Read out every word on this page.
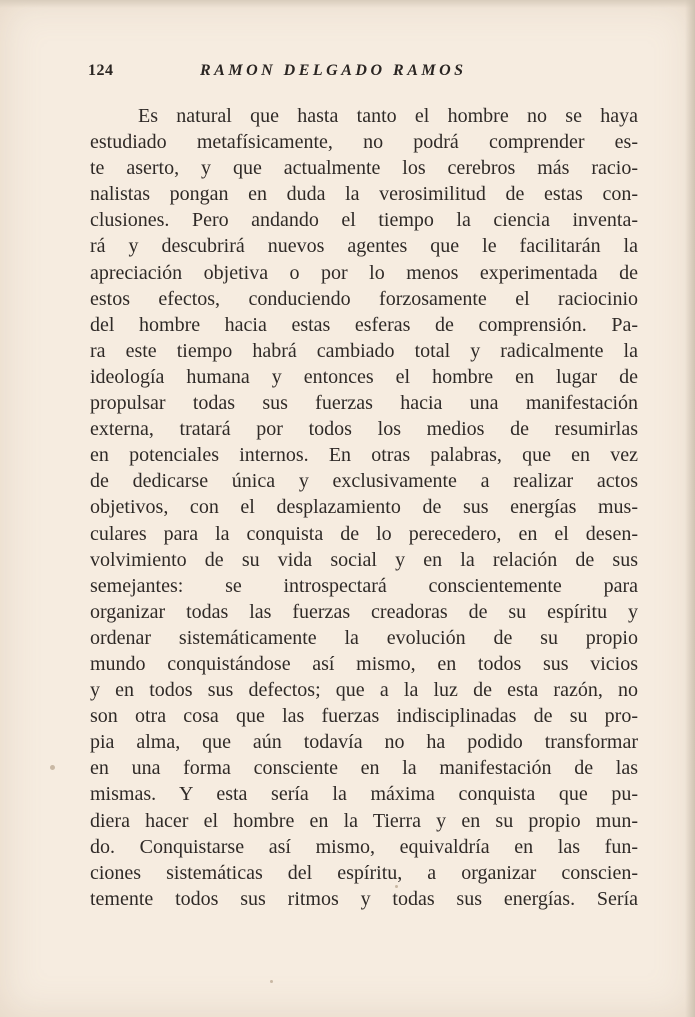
124	RAMON DELGADO RAMOS
Es natural que hasta tanto el hombre no se haya
estudiado metafísicamente, no podrá comprender es-
te aserto, y que actualmente los cerebros más racio-
nalistas pongan en duda la verosimilitud de estas con-
clusiones. Pero andando el tiempo la ciencia inventa-
rá y descubrirá nuevos agentes que le facilitarán la
apreciación objetiva o por lo menos experimentada de
estos efectos, conduciendo forzosamente el raciocinio
del hombre hacia estas esferas de comprensión. Pa-
ra este tiempo habrá cambiado total y radicalmente la
ideología humana y entonces el hombre en lugar de
propulsar todas sus fuerzas hacia una manifestación
externa, tratará por todos los medios de resumirlas
en potenciales internos. En otras palabras, que en vez
de dedicarse única y exclusivamente a realizar actos
objetivos, con el desplazamiento de sus energías mus-
culares para la conquista de lo perecedero, en el desen-
volvimiento de su vida social y en la relación de sus
semejantes: se introspectará conscientemente para
organizar todas las fuerzas creadoras de su espíritu y
ordenar sistemáticamente la evolución de su propio
mundo conquistándose así mismo, en todos sus vicios
y en todos sus defectos; que a la luz de esta razón, no
son otra cosa que las fuerzas indisciplinadas de su pro-
pia alma, que aún todavía no ha podido transformar
en una forma consciente en la manifestación de las
mismas. Y esta sería la máxima conquista que pu-
diera hacer el hombre en la Tierra y en su propio mun-
do. Conquistarse así mismo, equivaldría en las fun-
ciones sistemáticas del espíritu, a organizar conscien-
temente todos sus ritmos y todas sus energías. Sería
